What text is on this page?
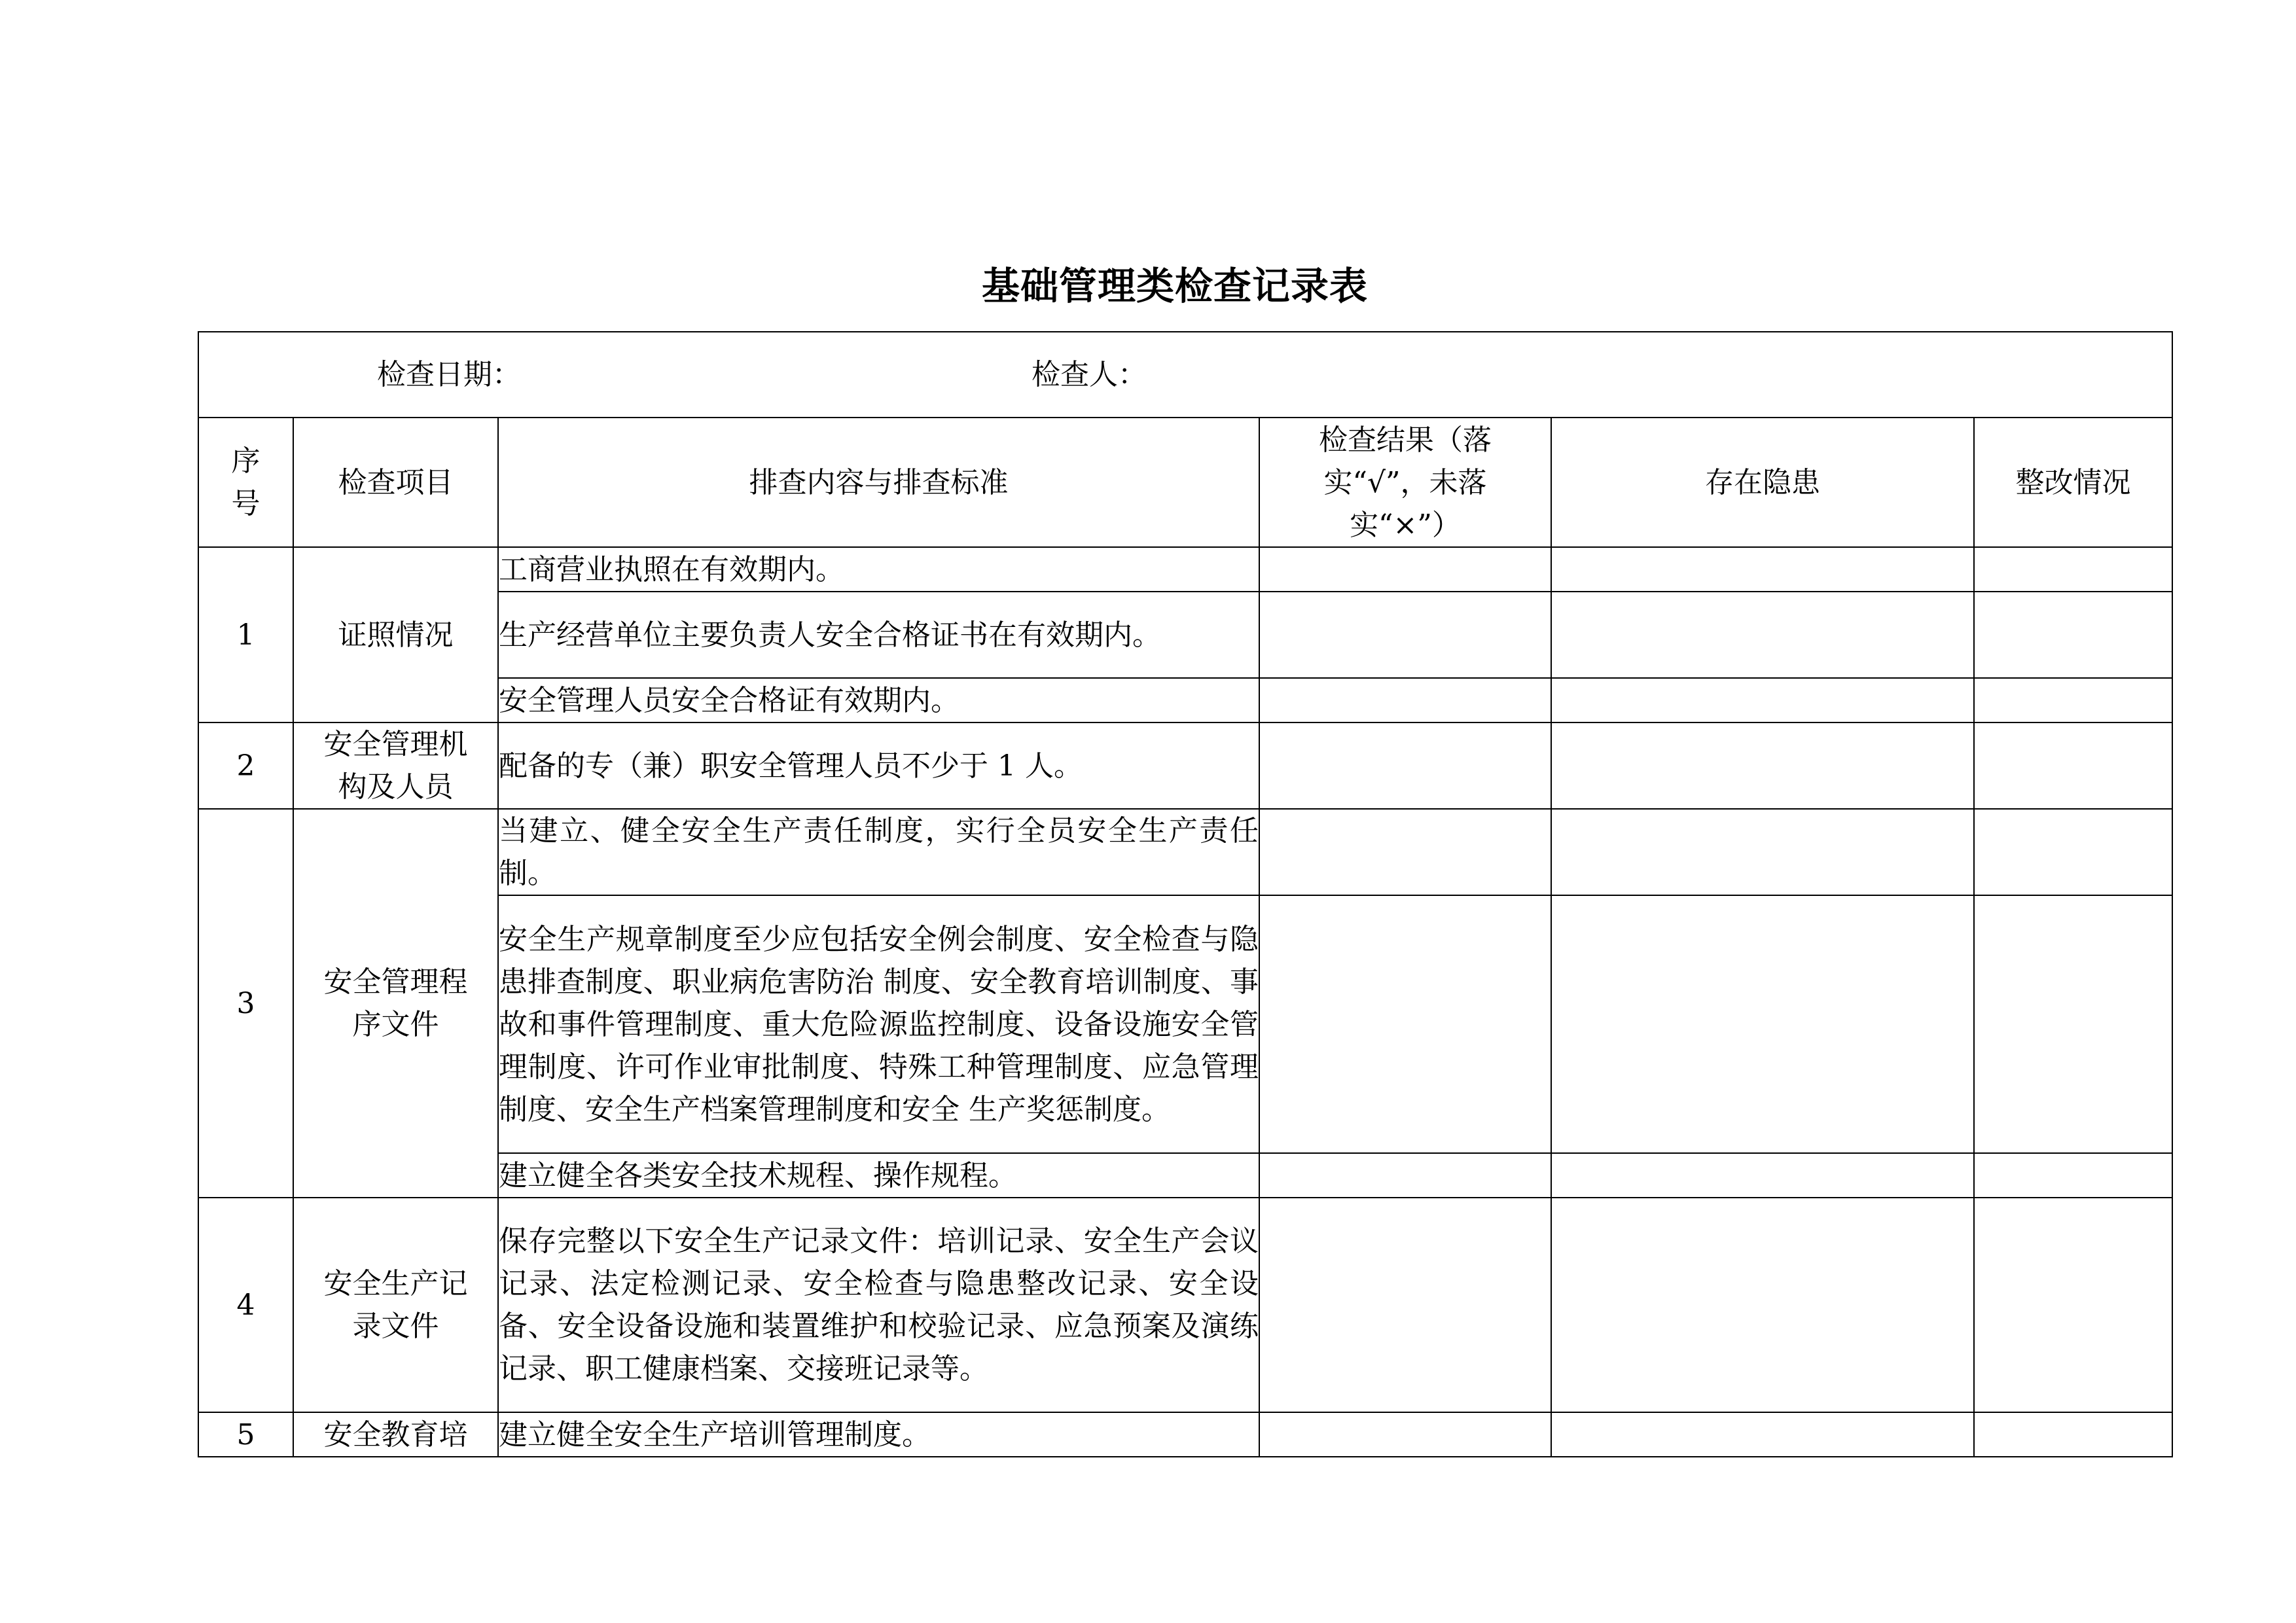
基础管理类检查记录表
检查日期： 检查人：					

序号	检查项目	排查内容与排查标准	检查结果（落实“√”，未落实“×”）	存在隐患	整改情况
1	证照情况	工商营业执照在有效期内。			
		生产经营单位主要负责人安全合格证书在有效期内。			
		安全管理人员安全合格证有效期内。			
2	安全管理机构及人员	配备的专（兼）职安全管理人员不少于 1 人。			
3	安全管理程序文件	当建立、健全安全生产责任制度，实行全员安全生产责任制。			
		安全生产规章制度至少应包括安全例会制度、安全检查与隐患排查制度、职业病危害防治 制度、安全教育培训制度、事故和事件管理制度、重大危险源监控制度、设备设施安全管理制度、许可作业审批制度、特殊工种管理制度、应急管理制度、安全生产档案管理制度和安全 生产奖惩制度。			
		建立健全各类安全技术规程、操作规程。			
4	安全生产记录文件	保存完整以下安全生产记录文件：培训记录、安全生产会议记录、法定检测记录、安全检查与隐患整改记录、安全设备、安全设备设施和装置维护和校验记录、应急预案及演练记录、职工健康档案、交接班记录等。			
5	安全教育培	建立健全安全生产培训管理制度。			
